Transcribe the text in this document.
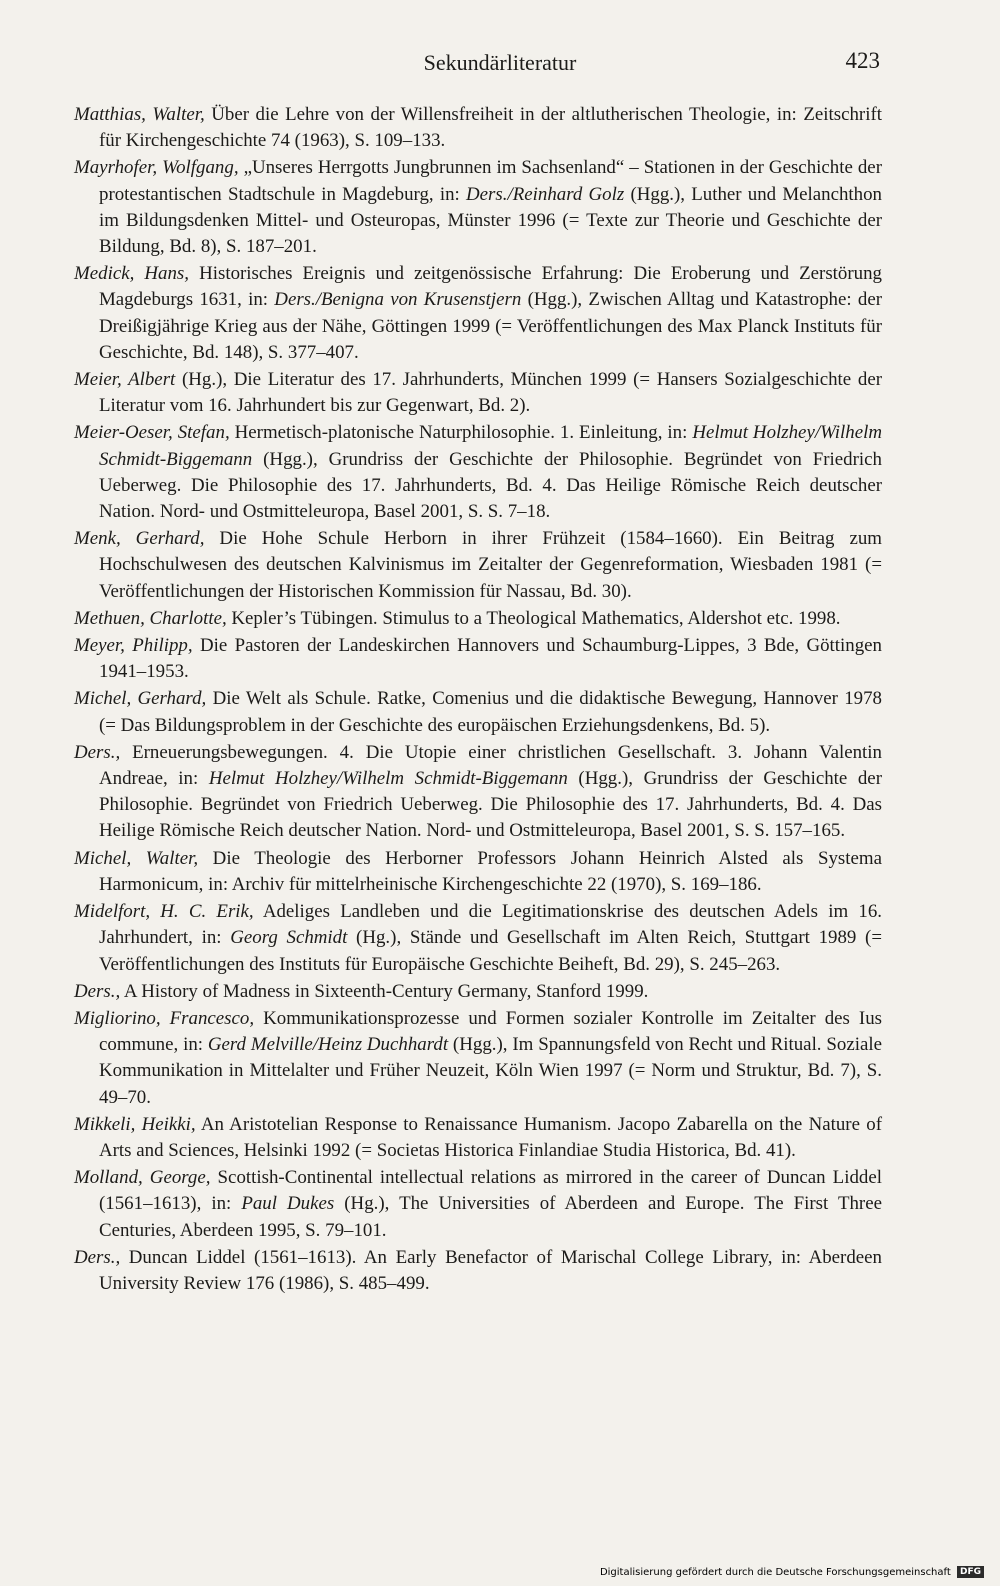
Sekundärliteratur	423

Matthias, Walter, Über die Lehre von der Willensfreiheit in der altlutherischen Theologie, in: Zeitschrift für Kirchengeschichte 74 (1963), S. 109–133.

Mayrhofer, Wolfgang, „Unseres Herrgotts Jungbrunnen im Sachsenland“ – Stationen in der Geschichte der protestantischen Stadtschule in Magdeburg, in: Ders./Reinhard Golz (Hgg.), Luther und Melanchthon im Bildungsdenken Mittel- und Osteuropas, Münster 1996 (= Texte zur Theorie und Geschichte der Bildung, Bd. 8), S. 187–201.

Medick, Hans, Historisches Ereignis und zeitgenössische Erfahrung: Die Eroberung und Zerstörung Magdeburgs 1631, in: Ders./Benigna von Krusenstjern (Hgg.), Zwischen Alltag und Katastrophe: der Dreißigjährige Krieg aus der Nähe, Göttingen 1999 (= Veröffentlichungen des Max Planck Instituts für Geschichte, Bd. 148), S. 377–407.

Meier, Albert (Hg.), Die Literatur des 17. Jahrhunderts, München 1999 (= Hansers Sozialgeschichte der Literatur vom 16. Jahrhundert bis zur Gegenwart, Bd. 2).

Meier-Oeser, Stefan, Hermetisch-platonische Naturphilosophie. 1. Einleitung, in: Helmut Holzhey/Wilhelm Schmidt-Biggemann (Hgg.), Grundriss der Geschichte der Philosophie. Begründet von Friedrich Ueberweg. Die Philosophie des 17. Jahrhunderts, Bd. 4. Das Heilige Römische Reich deutscher Nation. Nord- und Ostmitteleuropa, Basel 2001, S. S. 7–18.

Menk, Gerhard, Die Hohe Schule Herborn in ihrer Frühzeit (1584–1660). Ein Beitrag zum Hochschulwesen des deutschen Kalvinismus im Zeitalter der Gegenreformation, Wiesbaden 1981 (= Veröffentlichungen der Historischen Kommission für Nassau, Bd. 30).

Methuen, Charlotte, Kepler’s Tübingen. Stimulus to a Theological Mathematics, Aldershot etc. 1998.

Meyer, Philipp, Die Pastoren der Landeskirchen Hannovers und Schaumburg-Lippes, 3 Bde, Göttingen 1941–1953.

Michel, Gerhard, Die Welt als Schule. Ratke, Comenius und die didaktische Bewegung, Hannover 1978 (= Das Bildungsproblem in der Geschichte des europäischen Erziehungsdenkens, Bd. 5).

Ders., Erneuerungsbewegungen. 4. Die Utopie einer christlichen Gesellschaft. 3. Johann Valentin Andreae, in: Helmut Holzhey/Wilhelm Schmidt-Biggemann (Hgg.), Grundriss der Geschichte der Philosophie. Begründet von Friedrich Ueberweg. Die Philosophie des 17. Jahrhunderts, Bd. 4. Das Heilige Römische Reich deutscher Nation. Nord- und Ostmitteleuropa, Basel 2001, S. S. 157–165.

Michel, Walter, Die Theologie des Herborner Professors Johann Heinrich Alsted als Systema Harmonicum, in: Archiv für mittelrheinische Kirchengeschichte 22 (1970), S. 169–186.

Midelfort, H. C. Erik, Adeliges Landleben und die Legitimationskrise des deutschen Adels im 16. Jahrhundert, in: Georg Schmidt (Hg.), Stände und Gesellschaft im Alten Reich, Stuttgart 1989 (= Veröffentlichungen des Instituts für Europäische Geschichte Beiheft, Bd. 29), S. 245–263.

Ders., A History of Madness in Sixteenth-Century Germany, Stanford 1999.

Migliorino, Francesco, Kommunikationsprozesse und Formen sozialer Kontrolle im Zeitalter des Ius commune, in: Gerd Melville/Heinz Duchhardt (Hgg.), Im Spannungsfeld von Recht und Ritual. Soziale Kommunikation in Mittelalter und Früher Neuzeit, Köln Wien 1997 (= Norm und Struktur, Bd. 7), S. 49–70.

Mikkeli, Heikki, An Aristotelian Response to Renaissance Humanism. Jacopo Zabarella on the Nature of Arts and Sciences, Helsinki 1992 (= Societas Historica Finlandiae Studia Historica, Bd. 41).

Molland, George, Scottish-Continental intellectual relations as mirrored in the career of Duncan Liddel (1561–1613), in: Paul Dukes (Hg.), The Universities of Aberdeen and Europe. The First Three Centuries, Aberdeen 1995, S. 79–101.

Ders., Duncan Liddel (1561–1613). An Early Benefactor of Marischal College Library, in: Aberdeen University Review 176 (1986), S. 485–499.

Digitalisierung gefördert durch die Deutsche Forschungsgemeinschaft DFG
